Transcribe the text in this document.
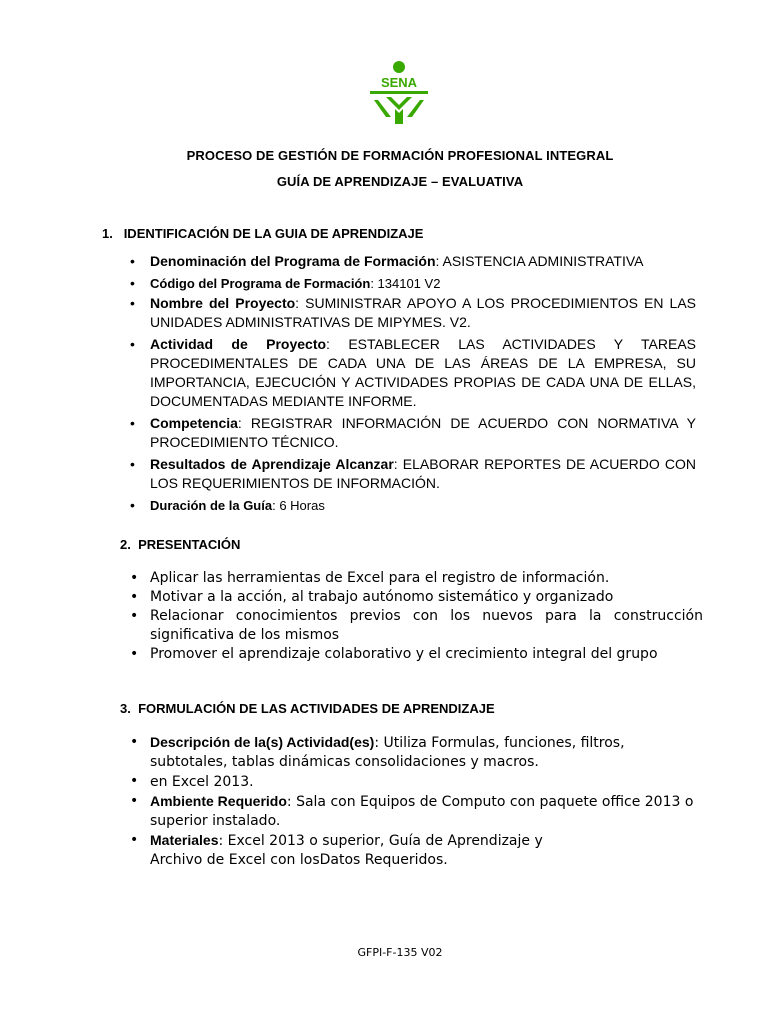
SENA
PROCESO DE GESTIÓN DE FORMACIÓN PROFESIONAL INTEGRAL
GUÍA DE APRENDIZAJE – EVALUATIVA
1. IDENTIFICACIÓN DE LA GUIA DE APRENDIZAJE
• Denominación del Programa de Formación: ASISTENCIA ADMINISTRATIVA
• Código del Programa de Formación: 134101 V2
• Nombre del Proyecto: SUMINISTRAR APOYO A LOS PROCEDIMIENTOS EN LAS UNIDADES ADMINISTRATIVAS DE MIPYMES. V2.
• Actividad de Proyecto: ESTABLECER LAS ACTIVIDADES Y TAREAS PROCEDIMENTALES DE CADA UNA DE LAS ÁREAS DE LA EMPRESA, SU IMPORTANCIA, EJECUCIÓN Y ACTIVIDADES PROPIAS DE CADA UNA DE ELLAS, DOCUMENTADAS MEDIANTE INFORME.
• Competencia: REGISTRAR INFORMACIÓN DE ACUERDO CON NORMATIVA Y PROCEDIMIENTO TÉCNICO.
• Resultados de Aprendizaje Alcanzar: ELABORAR REPORTES DE ACUERDO CON LOS REQUERIMIENTOS DE INFORMACIÓN.
• Duración de la Guía: 6 Horas
2. PRESENTACIÓN
• Aplicar las herramientas de Excel para el registro de información.
• Motivar a la acción, al trabajo autónomo sistemático y organizado
• Relacionar conocimientos previos con los nuevos para la construcción significativa de los mismos
• Promover el aprendizaje colaborativo y el crecimiento integral del grupo
3. FORMULACIÓN DE LAS ACTIVIDADES DE APRENDIZAJE
• Descripción de la(s) Actividad(es): Utiliza Formulas, funciones, filtros, subtotales, tablas dinámicas consolidaciones y macros.
• en Excel 2013.
• Ambiente Requerido: Sala con Equipos de Computo con paquete office 2013 o superior instalado.
• Materiales: Excel 2013 o superior, Guía de Aprendizaje y
Archivo de Excel con losDatos Requeridos.
GFPI-F-135 V02
